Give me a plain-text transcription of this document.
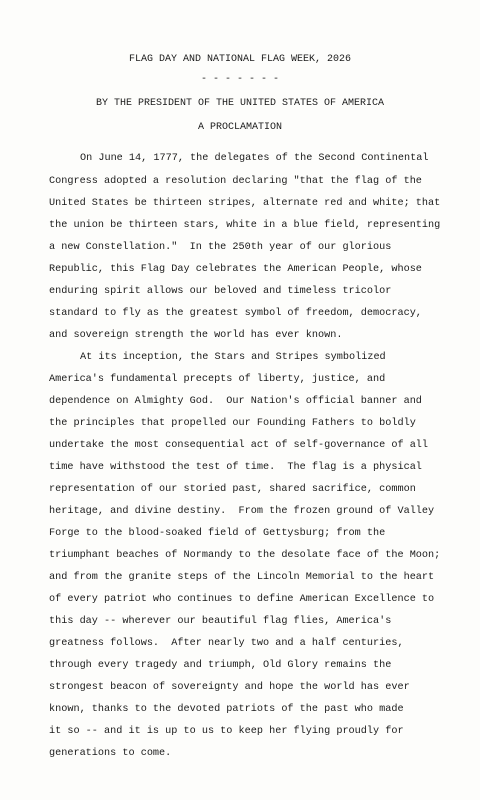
FLAG DAY AND NATIONAL FLAG WEEK, 2026
- - - - - - -
BY THE PRESIDENT OF THE UNITED STATES OF AMERICA
A PROCLAMATION
On June 14, 1777, the delegates of the Second Continental
Congress adopted a resolution declaring "that the flag of the
United States be thirteen stripes, alternate red and white; that
the union be thirteen stars, white in a blue field, representing
a new Constellation."  In the 250th year of our glorious
Republic, this Flag Day celebrates the American People, whose
enduring spirit allows our beloved and timeless tricolor
standard to fly as the greatest symbol of freedom, democracy,
and sovereign strength the world has ever known.
At its inception, the Stars and Stripes symbolized
America's fundamental precepts of liberty, justice, and
dependence on Almighty God.  Our Nation's official banner and
the principles that propelled our Founding Fathers to boldly
undertake the most consequential act of self-governance of all
time have withstood the test of time.  The flag is a physical
representation of our storied past, shared sacrifice, common
heritage, and divine destiny.  From the frozen ground of Valley
Forge to the blood-soaked field of Gettysburg; from the
triumphant beaches of Normandy to the desolate face of the Moon;
and from the granite steps of the Lincoln Memorial to the heart
of every patriot who continues to define American Excellence to
this day -- wherever our beautiful flag flies, America's
greatness follows.  After nearly two and a half centuries,
through every tragedy and triumph, Old Glory remains the
strongest beacon of sovereignty and hope the world has ever
known, thanks to the devoted patriots of the past who made
it so -- and it is up to us to keep her flying proudly for
generations to come.
